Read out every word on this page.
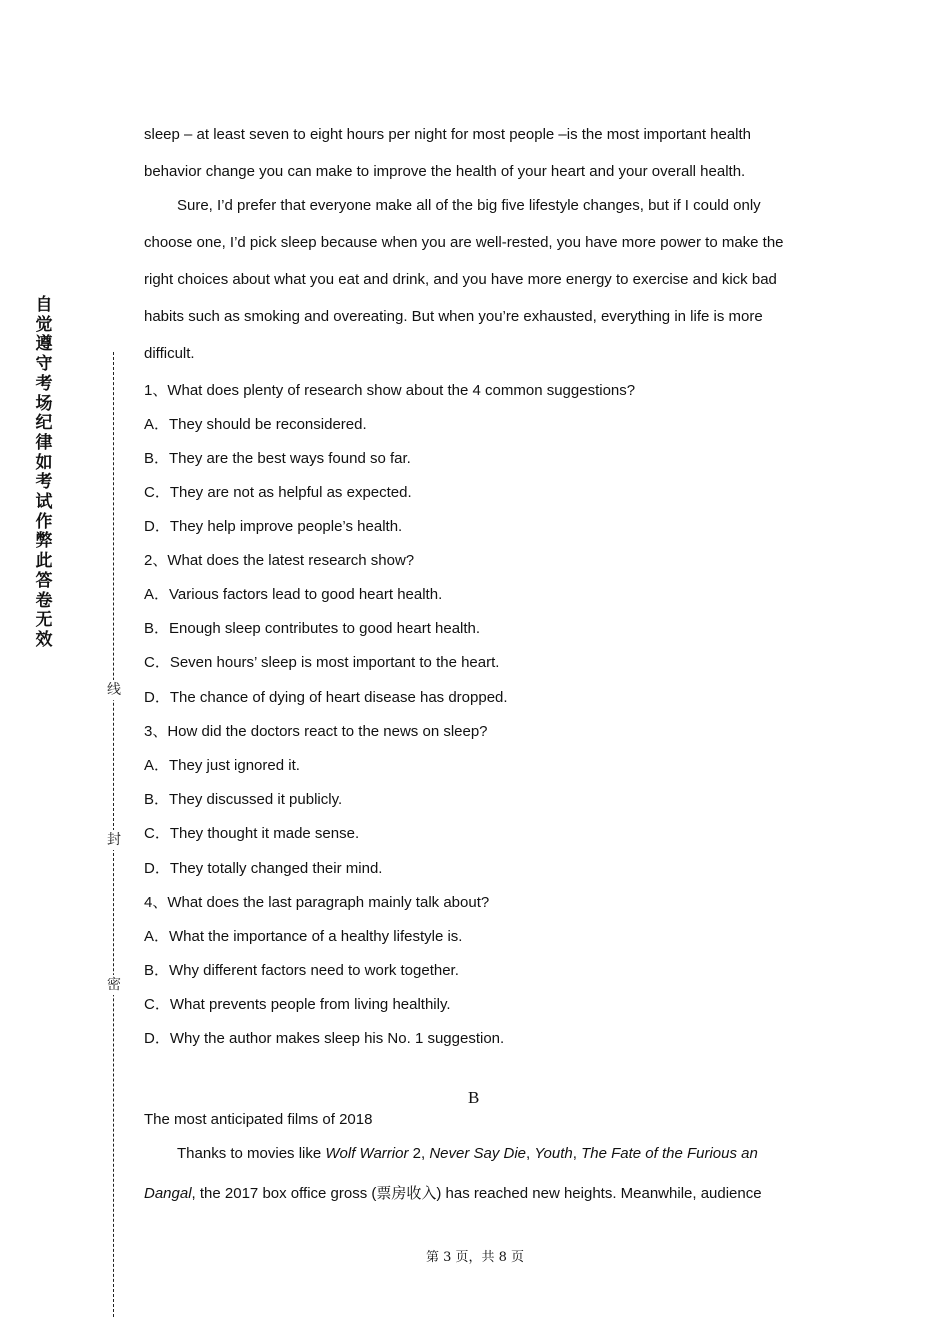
自
觉
遵
守
考
场
纪
律
如
考
试
作
弊
此
答
卷
无
效
线
封
密
sleep – at least seven to eight hours per night for most people –is the most important health
behavior change you can make to improve the health of your heart and your overall health.
Sure, I’d prefer that everyone make all of the big five lifestyle changes, but if I could only
choose one, I’d pick sleep because when you are well-rested, you have more power to make the
right choices about what you eat and drink, and you have more energy to exercise and kick bad
habits such as smoking and overeating. But when you’re exhausted, everything in life is more
difficult.
1、What does plenty of research show about the 4 common suggestions?
A．They should be reconsidered.
B．They are the best ways found so far.
C．They are not as helpful as expected.
D．They help improve people’s health.
2、What does the latest research show?
A．Various factors lead to good heart health.
B．Enough sleep contributes to good heart health.
C．Seven hours’ sleep is most important to the heart.
D．The chance of dying of heart disease has dropped.
3、How did the doctors react to the news on sleep?
A．They just ignored it.
B．They discussed it publicly.
C．They thought it made sense.
D．They totally changed their mind.
4、What does the last paragraph mainly talk about?
A．What the importance of a healthy lifestyle is.
B．Why different factors need to work together.
C．What prevents people from living healthily.
D．Why the author makes sleep his No. 1 suggestion.
B
The most anticipated films of 2018
Thanks to movies like Wolf Warrior 2, Never Say Die, Youth, The Fate of the Furious an
Dangal, the 2017 box office gross (票房收入) has reached new heights. Meanwhile, audience
第 3 页，共 8 页
